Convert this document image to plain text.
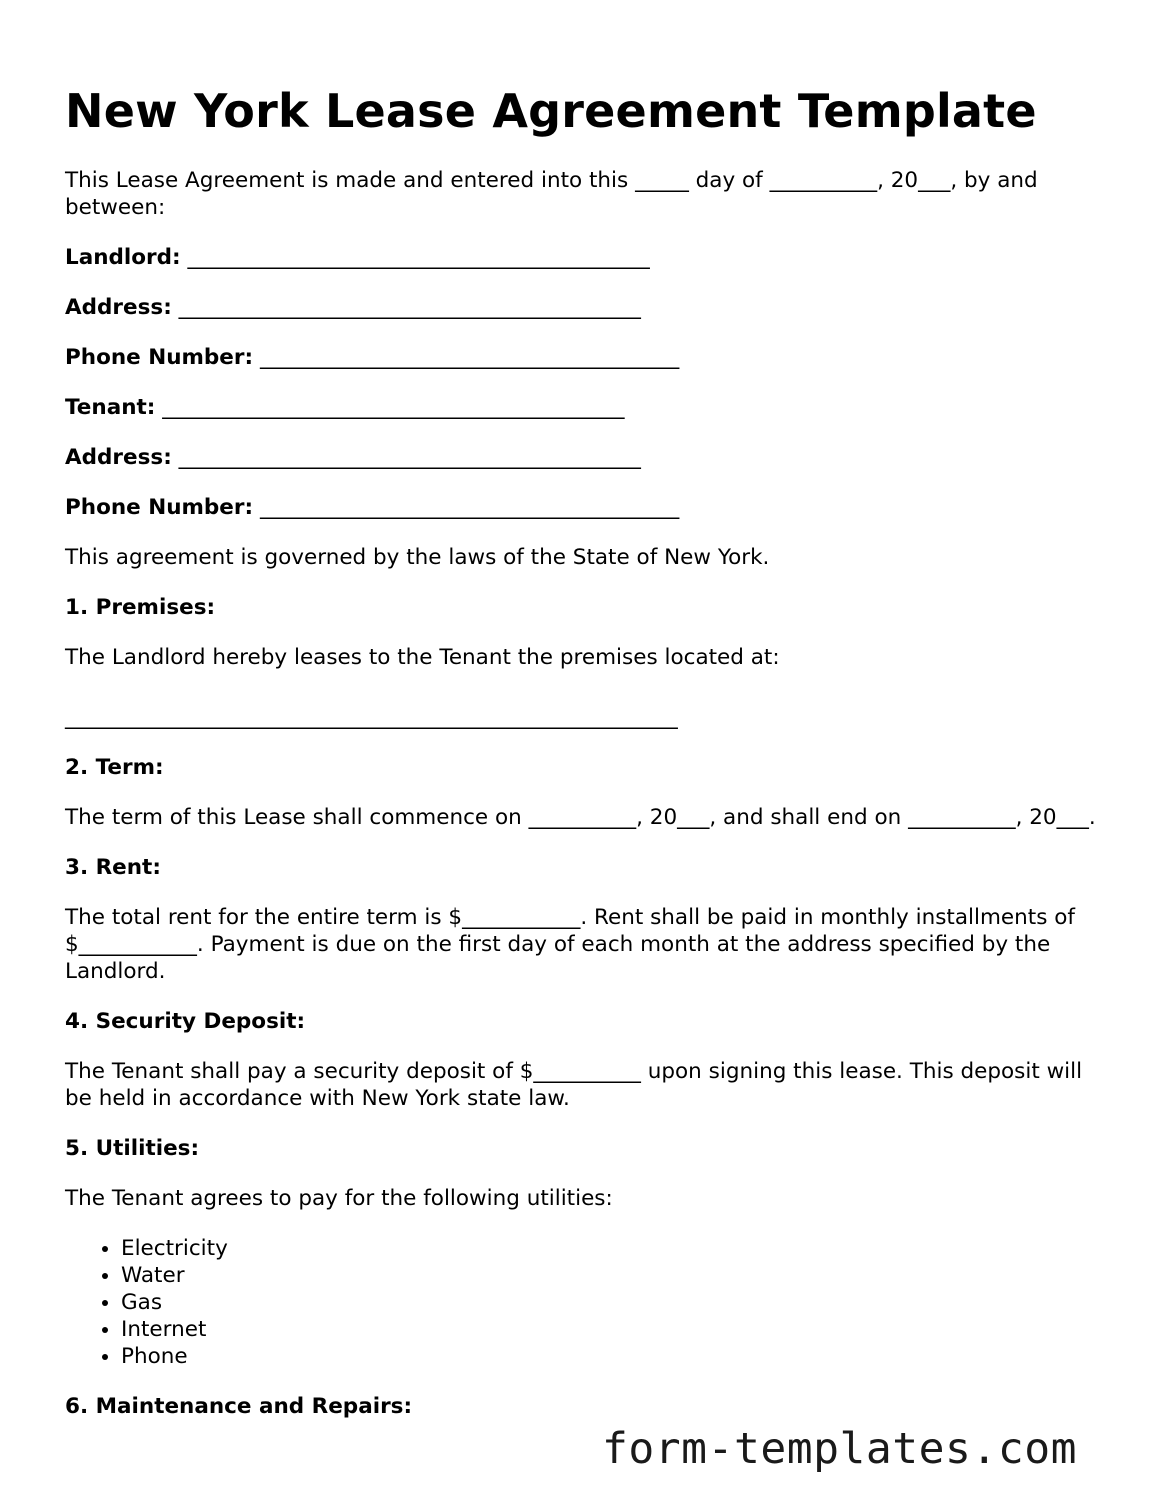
New York Lease Agreement Template

This Lease Agreement is made and entered into this _____ day of __________, 20___, by and between:

Landlord: ___________________________________________
Address: ___________________________________________
Phone Number: _______________________________________
Tenant: ___________________________________________
Address: ___________________________________________
Phone Number: _______________________________________

This agreement is governed by the laws of the State of New York.

1. Premises:

The Landlord hereby leases to the Tenant the premises located at:

_________________________________________________________

2. Term:

The term of this Lease shall commence on __________, 20___, and shall end on __________, 20___.

3. Rent:

The total rent for the entire term is $___________. Rent shall be paid in monthly installments of $___________. Payment is due on the first day of each month at the address specified by the Landlord.

4. Security Deposit:

The Tenant shall pay a security deposit of $__________ upon signing this lease. This deposit will be held in accordance with New York state law.

5. Utilities:

The Tenant agrees to pay for the following utilities:

• Electricity
• Water
• Gas
• Internet
• Phone
6. Maintenance and Repairs:
form-templates.com
